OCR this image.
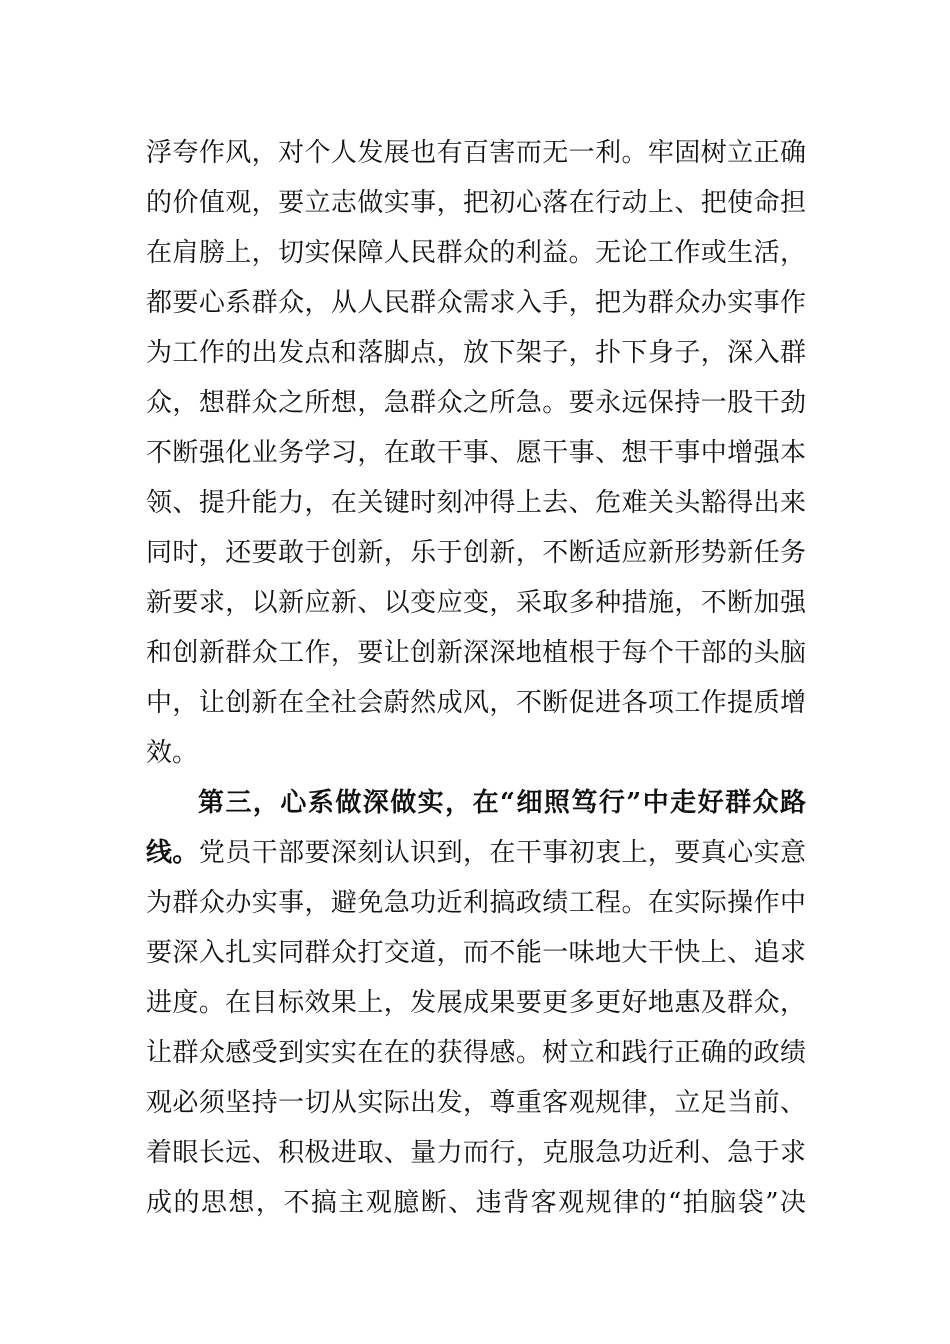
浮夸作风，对个人发展也有百害而无一利。牢固树立正确
的价值观，要立志做实事，把初心落在行动上、把使命担
在肩膀上，切实保障人民群众的利益。无论工作或生活，
都要心系群众，从人民群众需求入手，把为群众办实事作
为工作的出发点和落脚点，放下架子，扑下身子，深入群
众，想群众之所想，急群众之所急。要永远保持一股干劲
不断强化业务学习，在敢干事、愿干事、想干事中增强本
领、提升能力，在关键时刻冲得上去、危难关头豁得出来
同时，还要敢于创新，乐于创新，不断适应新形势新任务
新要求，以新应新、以变应变，采取多种措施，不断加强
和创新群众工作，要让创新深深地植根于每个干部的头脑
中，让创新在全社会蔚然成风，不断促进各项工作提质增
效。
第三，心系做深做实，在“细照笃行”中走好群众路
线。党员干部要深刻认识到，在干事初衷上，要真心实意
为群众办实事，避免急功近利搞政绩工程。在实际操作中
要深入扎实同群众打交道，而不能一味地大干快上、追求
进度。在目标效果上，发展成果要更多更好地惠及群众，
让群众感受到实实在在的获得感。树立和践行正确的政绩
观必须坚持一切从实际出发，尊重客观规律，立足当前、
着眼长远、积极进取、量力而行，克服急功近利、急于求
成的思想，不搞主观臆断、违背客观规律的“拍脑袋”决
